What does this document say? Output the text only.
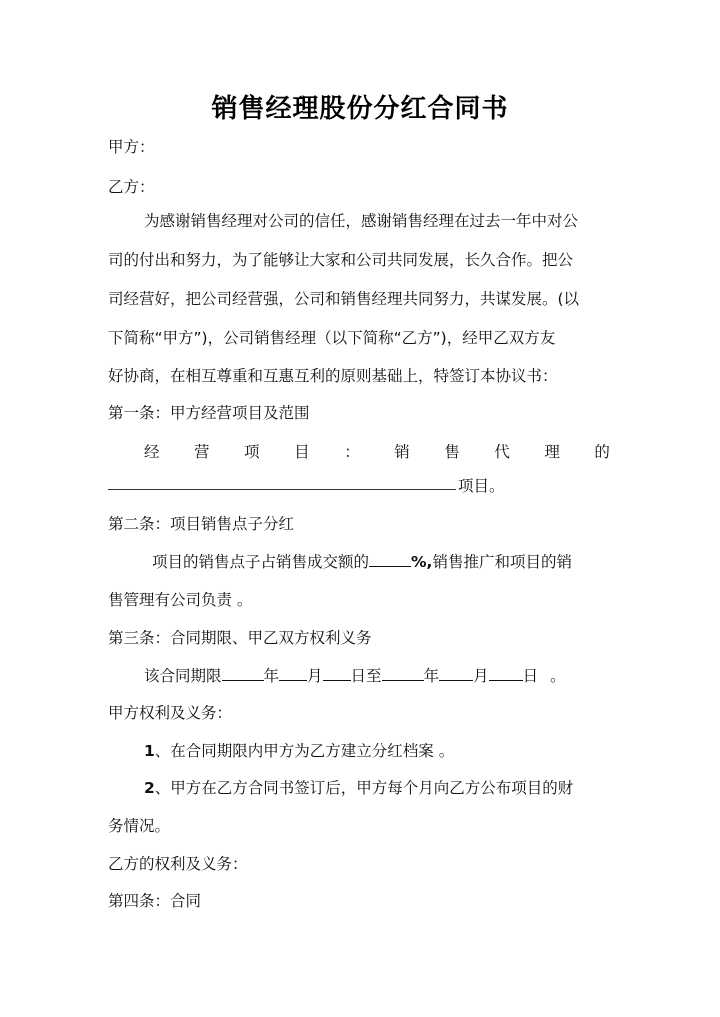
销售经理股份分红合同书
甲方：
乙方：
为感谢销售经理对公司的信任，感谢销售经理在过去一年中对公
司的付出和努力，为了能够让大家和公司共同发展，长久合作。把公
司经营好，把公司经营强，公司和销售经理共同努力，共谋发展。(以
下简称“甲方”)，公司销售经理（以下简称“乙方”)，经甲乙双方友
好协商，在相互尊重和互惠互利的原则基础上，特签订本协议书：
第一条：甲方经营项目及范围
经 营 项 目 ： 销 售 代 理 的
项目。
第二条：项目销售点子分红
项目的销售点子占销售成交额的	%,销售推广和项目的销
售管理有公司负责 。
第三条：合同期限、甲乙双方权利义务
该合同期限	年 月 日至	年 月 日 。
甲方权利及义务：
1、在合同期限内甲方为乙方建立分红档案 。
2、甲方在乙方合同书签订后，甲方每个月向乙方公布项目的财
务情况。
乙方的权利及义务：
第四条：合同
